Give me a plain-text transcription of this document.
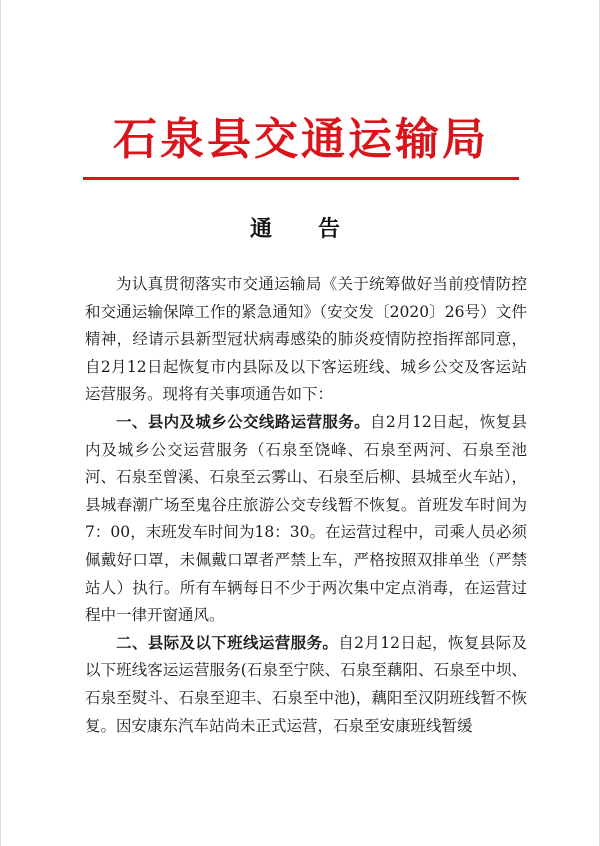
石泉县交通运输局
通　告

为认真贯彻落实市交通运输局《关于统筹做好当前疫情防控和交通运输保障工作的紧急通知》（安交发〔2020〕26号）文件精神，经请示县新型冠状病毒感染的肺炎疫情防控指挥部同意，自2月12日起恢复市内县际及以下客运班线、城乡公交及客运站运营服务。现将有关事项通告如下：

一、县内及城乡公交线路运营服务。自2月12日起，恢复县内及城乡公交运营服务（石泉至饶峰、石泉至两河、石泉至池河、石泉至曾溪、石泉至云雾山、石泉至后柳、县城至火车站），县城春潮广场至鬼谷庄旅游公交专线暂不恢复。首班发车时间为7：00，末班发车时间为18：30。在运营过程中，司乘人员必须佩戴好口罩，未佩戴口罩者严禁上车，严格按照双排单坐（严禁站人）执行。所有车辆每日不少于两次集中定点消毒，在运营过程中一律开窗通风。

二、县际及以下班线运营服务。自2月12日起，恢复县际及以下班线客运运营服务(石泉至宁陕、石泉至藕阳、石泉至中坝、石泉至熨斗、石泉至迎丰、石泉至中池)，藕阳至汉阴班线暂不恢复。因安康东汽车站尚未正式运营，石泉至安康班线暂缓
